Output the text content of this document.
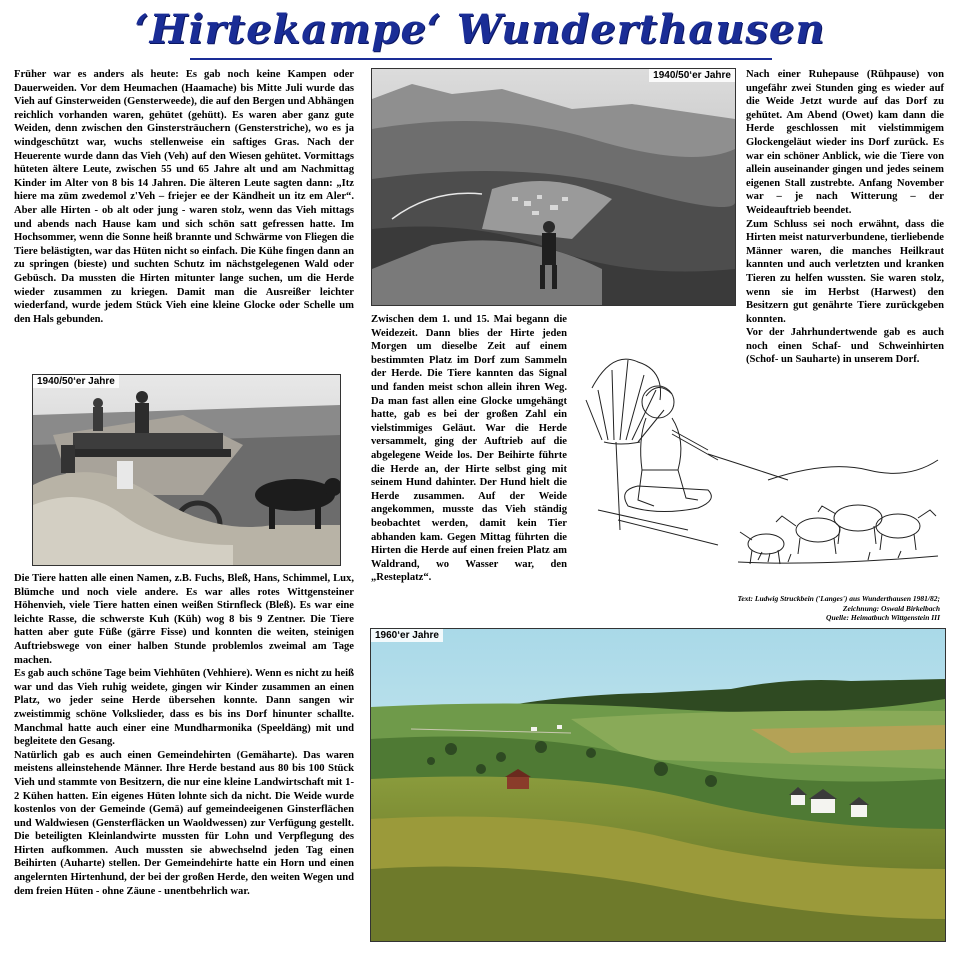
‘Hirtekampe‘ Wunderthausen

Früher war es anders als heute: Es gab noch keine Kampen oder Dauerweiden. Vor dem Heumachen (Haamache) bis Mitte Juli wurde das Vieh auf Ginsterweiden (Gensterweede), die auf den Bergen und Abhängen reichlich vorhanden waren, gehütet (gehütt). Es waren aber ganz gute Weiden, denn zwischen den Ginstersträuchern (Gensterstriche), wo es ja windgeschützt war, wuchs stellenweise ein saftiges Gras. Nach der Heuerente wurde dann das Vieh (Veh) auf den Wiesen gehütet. Vormittags hüteten ältere Leute, zwischen 55 und 65 Jahre alt und am Nachmittag Kinder im Alter von 8 bis 14 Jahren. Die älteren Leute sagten dann: „Itz hiere ma züm zwedemol z'Veh – friejer ee der Kändheit un itz em Aler“. Aber alle Hirten - ob alt oder jung - waren stolz, wenn das Vieh mittags und abends nach Hause kam und sich schön satt gefressen hatte. Im Hochsommer, wenn die Sonne heiß brannte und Schwärme von Fliegen die Tiere belästigten, war das Hüten nicht so einfach. Die Kühe fingen dann an zu springen (bieste) und suchten Schutz im nächstgelegenen Wald oder Gebüsch. Da mussten die Hirten mitunter lange suchen, um die Herde wieder zusammen zu kriegen. Damit man die Ausreißer leichter wiederfand, wurde jedem Stück Vieh eine kleine Glocke oder Schelle um den Hals gebunden.

1940/50‘er Jahre

Die Tiere hatten alle einen Namen, z.B. Fuchs, Bleß, Hans, Schimmel, Lux, Blümche und noch viele andere. Es war alles rotes Wittgensteiner Höhenvieh, viele Tiere hatten einen weißen Stirnfleck (Bleß). Es war eine leichte Rasse, die schwerste Kuh (Küh) wog 8 bis 9 Zentner. Die Tiere hatten aber gute Füße (gärre Fisse) und konnten die weiten, steinigen Auftriebswege von einer halben Stunde problemlos zweimal am Tage machen.

Es gab auch schöne Tage beim Viehhüten (Vehhiere). Wenn es nicht zu heiß war und das Vieh ruhig weidete, gingen wir Kinder zusammen an einen Platz, wo jeder seine Herde übersehen konnte. Dann sangen wir zweistimmig schöne Volkslieder, dass es bis ins Dorf hinunter schallte. Manchmal hatte auch einer eine Mundharmonika (Speeldäng) mit und begleitete den Gesang.

Natürlich gab es auch einen Gemeindehirten (Gemäharte). Das waren meistens alleinstehende Männer. Ihre Herde bestand aus 80 bis 100 Stück Vieh und stammte von Besitzern, die nur eine kleine Landwirtschaft mit 1-2 Kühen hatten. Ein eigenes Hüten lohnte sich da nicht. Die Weide wurde kostenlos von der Gemeinde (Gemä) auf gemeindeeigenen Ginsterflächen und Waldwiesen (Gensterfläcken un Waoldwessen) zur Verfügung gestellt. Die beteiligten Kleinlandwirte mussten für Lohn und Verpflegung des Hirten aufkommen. Auch mussten sie abwechselnd jeden Tag einen Beihirten (Auharte) stellen. Der Gemeindehirte hatte ein Horn und einen angelernten Hirtenhund, der bei der großen Herde, den weiten Wegen und dem freien Hüten - ohne Zäune - unentbehrlich war.

1940/50‘er Jahre

Zwischen dem 1. und 15. Mai begann die Weidezeit. Dann blies der Hirte jeden Morgen um dieselbe Zeit auf einem bestimmten Platz im Dorf zum Sammeln der Herde. Die Tiere kannten das Signal und fanden meist schon allein ihren Weg. Da man fast allen eine Glocke umgehängt hatte, gab es bei der großen Zahl ein vielstimmiges Geläut. War die Herde versammelt, ging der Auftrieb auf die abgelegene Weide los. Der Beihirte führte die Herde an, der Hirte selbst ging mit seinem Hund dahinter. Der Hund hielt die Herde zusammen. Auf der Weide angekommen, musste das Vieh ständig beobachtet werden, damit kein Tier abhanden kam. Gegen Mittag führten die Hirten die Herde auf einen freien Platz am Waldrand, wo Wasser war, den „Resteplatz“.

Nach einer Ruhepause (Rühpause) von ungefähr zwei Stunden ging es wieder auf die Weide Jetzt wurde auf das Dorf zu gehütet. Am Abend (Owet) kam dann die Herde geschlossen mit vielstimmigem Glockengeläut wieder ins Dorf zurück. Es war ein schöner Anblick, wie die Tiere von allein auseinander gingen und jedes seinem eigenen Stall zustrebte. Anfang November war – je nach Witterung – der Weideauftrieb beendet.

Zum Schluss sei noch erwähnt, dass die Hirten meist naturverbundene, tierliebende Männer waren, die manches Heilkraut kannten und auch verletzten und kranken Tieren zu helfen wussten. Sie waren stolz, wenn sie im Herbst (Harwest) den Besitzern gut genährte Tiere zurückgeben konnten.

Vor der Jahrhundertwende gab es auch noch einen Schaf- und Schweinhirten (Schof- un Sauharte) in unserem Dorf.

Text: Ludwig Struckbein ('Langes') aus Wunderthausen 1981/82;
Zeichnung: Oswald Birkelbach
Quelle: Heimatbuch Wittgenstein III
1960‘er Jahre
